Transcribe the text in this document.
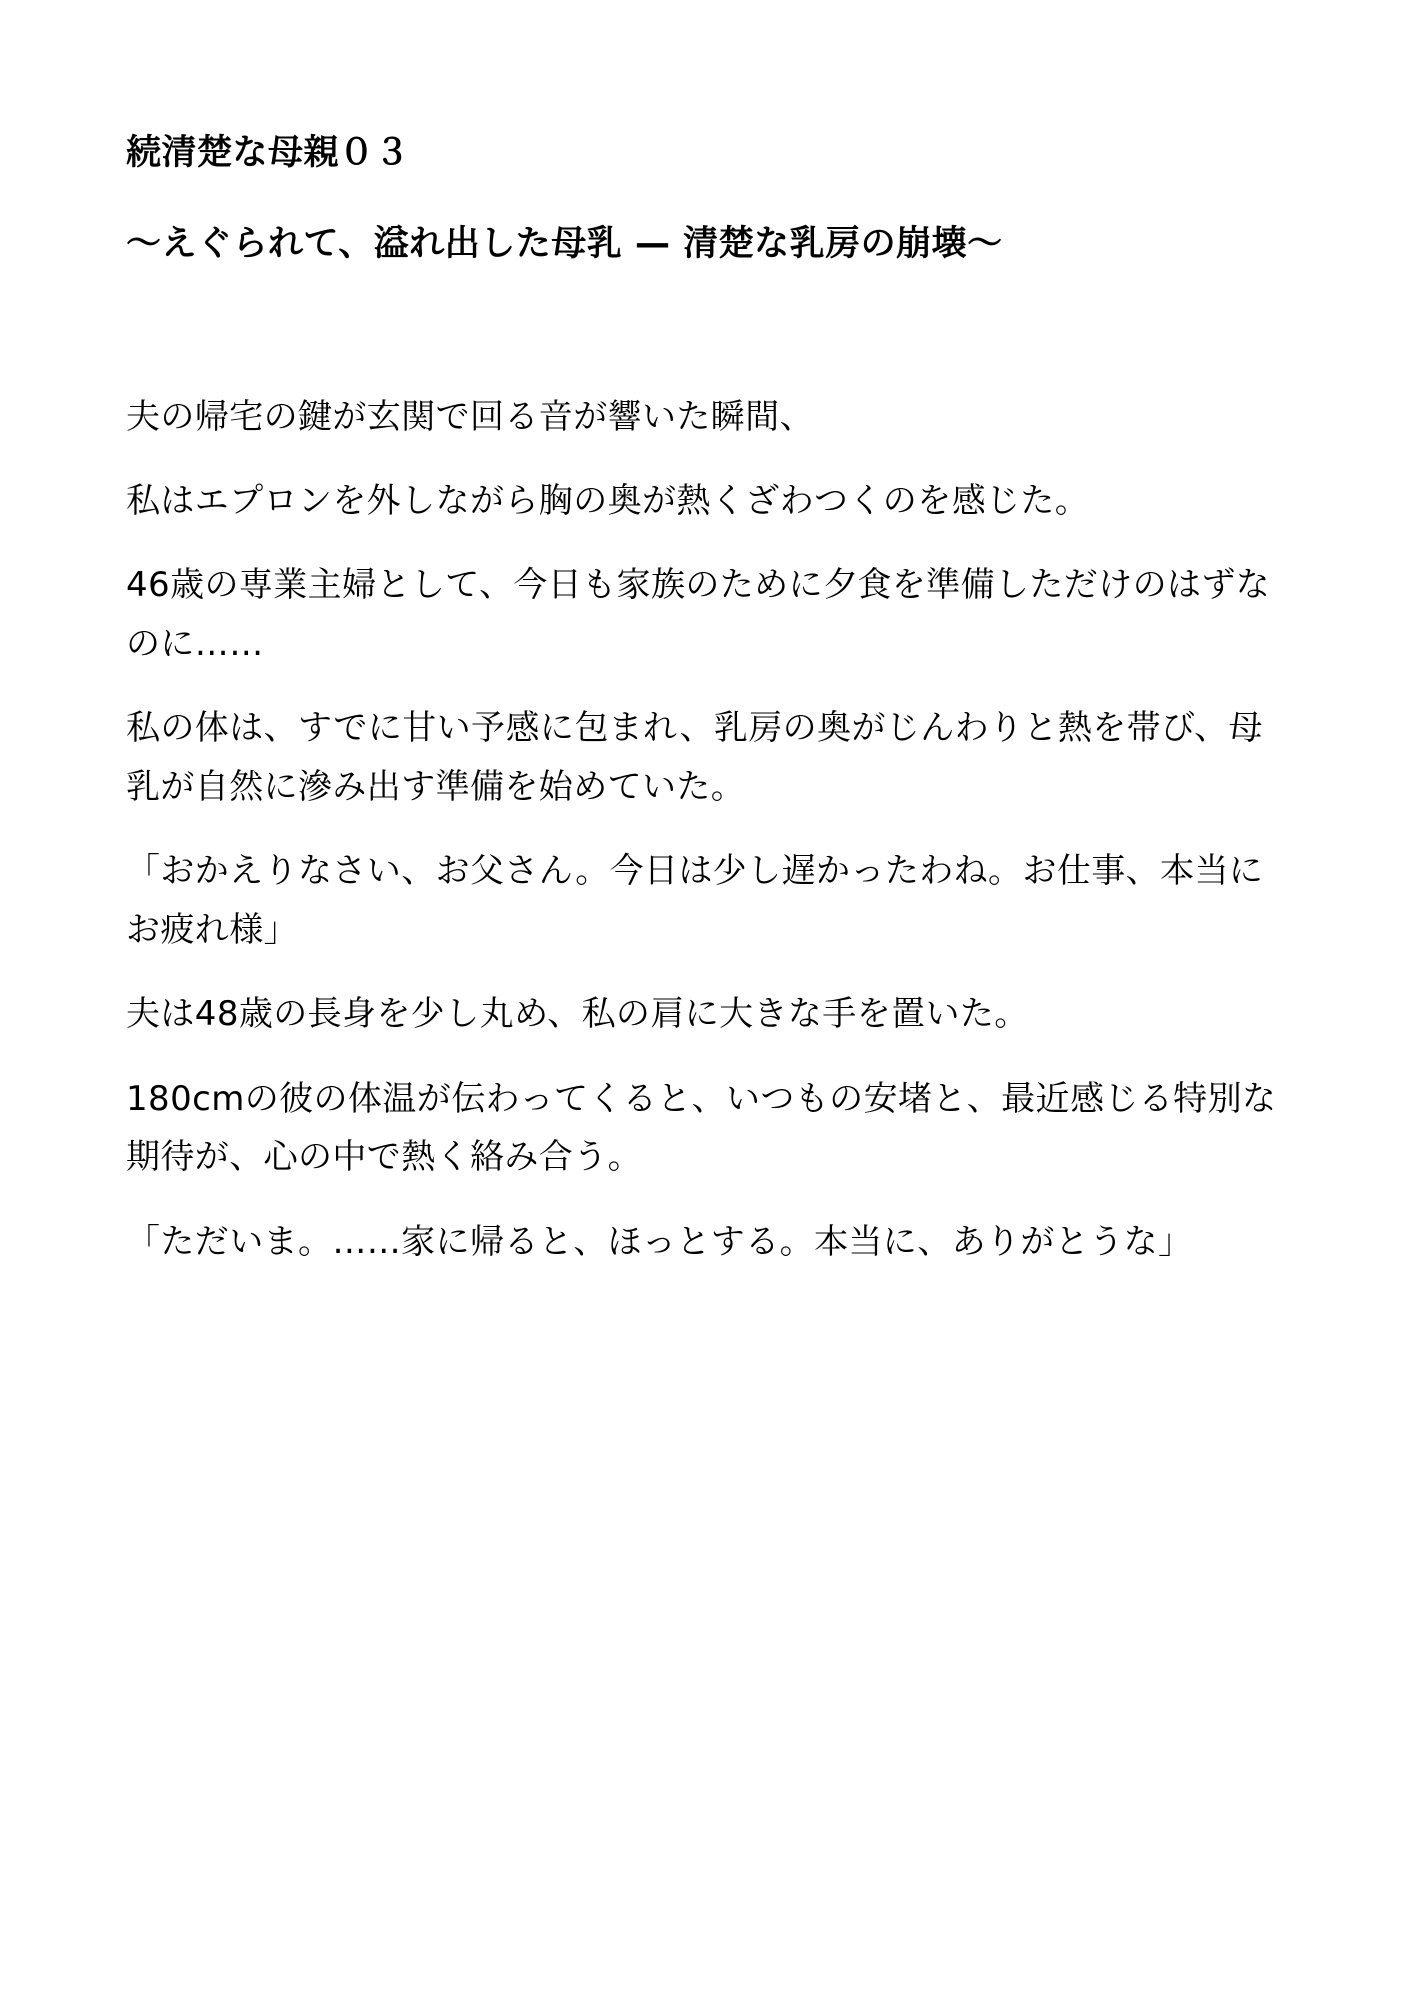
続清楚な母親０３
〜えぐられて、溢れ出した母乳 — 清楚な乳房の崩壊〜

夫の帰宅の鍵が玄関で回る音が響いた瞬間、

私はエプロンを外しながら胸の奥が熱くざわつくのを感じた。

46歳の専業主婦として、今日も家族のために夕食を準備しただけのはずなのに……

私の体は、すでに甘い予感に包まれ、乳房の奥がじんわりと熱を帯び、母乳が自然に滲み出す準備を始めていた。

「おかえりなさい、お父さん。今日は少し遅かったわね。お仕事、本当にお疲れ様」

夫は48歳の長身を少し丸め、私の肩に大きな手を置いた。

180cmの彼の体温が伝わってくると、いつもの安堵と、最近感じる特別な期待が、心の中で熱く絡み合う。

「ただいま。……家に帰ると、ほっとする。本当に、ありがとうな」
